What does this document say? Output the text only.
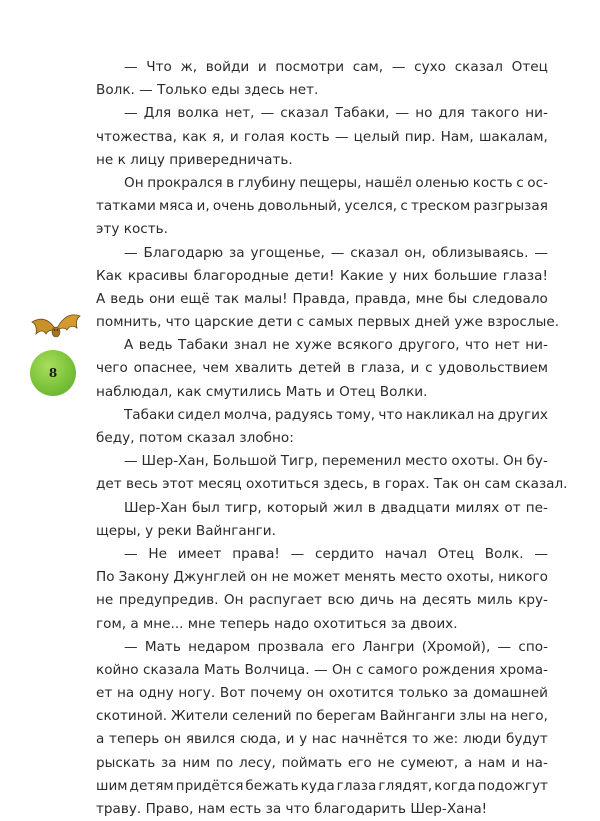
8
— Что ж, войди и посмотри сам, — сухо сказал Отец
Волк. — Только еды здесь нет.
— Для волка нет, — сказал Табаки, — но для такого ни-
чтожества, как я, и голая кость — целый пир. Нам, шакалам,
не к лицу привередничать.
Он прокрался в глубину пещеры, нашёл оленью кость с ос-
татками мяса и, очень довольный, уселся, с треском разгрызая
эту кость.
— Благодарю за угощенье, — сказал он, облизываясь. —
Как красивы благородные дети! Какие у них большие глаза!
А ведь они ещё так малы! Правда, правда, мне бы следовало
помнить, что царские дети с самых первых дней уже взрослые.
А ведь Табаки знал не хуже всякого другого, что нет ни-
чего опаснее, чем хвалить детей в глаза, и с удовольствием
наблюдал, как смутились Мать и Отец Волки.
Табаки сидел молча, радуясь тому, что накликал на других
беду, потом сказал злобно:
— Шер-Хан, Большой Тигр, переменил место охоты. Он бу-
дет весь этот месяц охотиться здесь, в горах. Так он сам сказал.
Шер-Хан был тигр, который жил в двадцати милях от пе-
щеры, у реки Вайнганги.
— Не имеет права! — сердито начал Отец Волк. —
По Закону Джунглей он не может менять место охоты, никого
не предупредив. Он распугает всю дичь на десять миль кру-
гом, а мне... мне теперь надо охотиться за двоих.
— Мать недаром прозвала его Лангри (Хромой), — спо-
койно сказала Мать Волчица. — Он с самого рождения хрома-
ет на одну ногу. Вот почему он охотится только за домашней
скотиной. Жители селений по берегам Вайнганги злы на него,
а теперь он явился сюда, и у нас начнётся то же: люди будут
рыскать за ним по лесу, поймать его не сумеют, а нам и на-
шим детям придётся бежать куда глаза глядят, когда подожгут
траву. Право, нам есть за что благодарить Шер-Хана!
